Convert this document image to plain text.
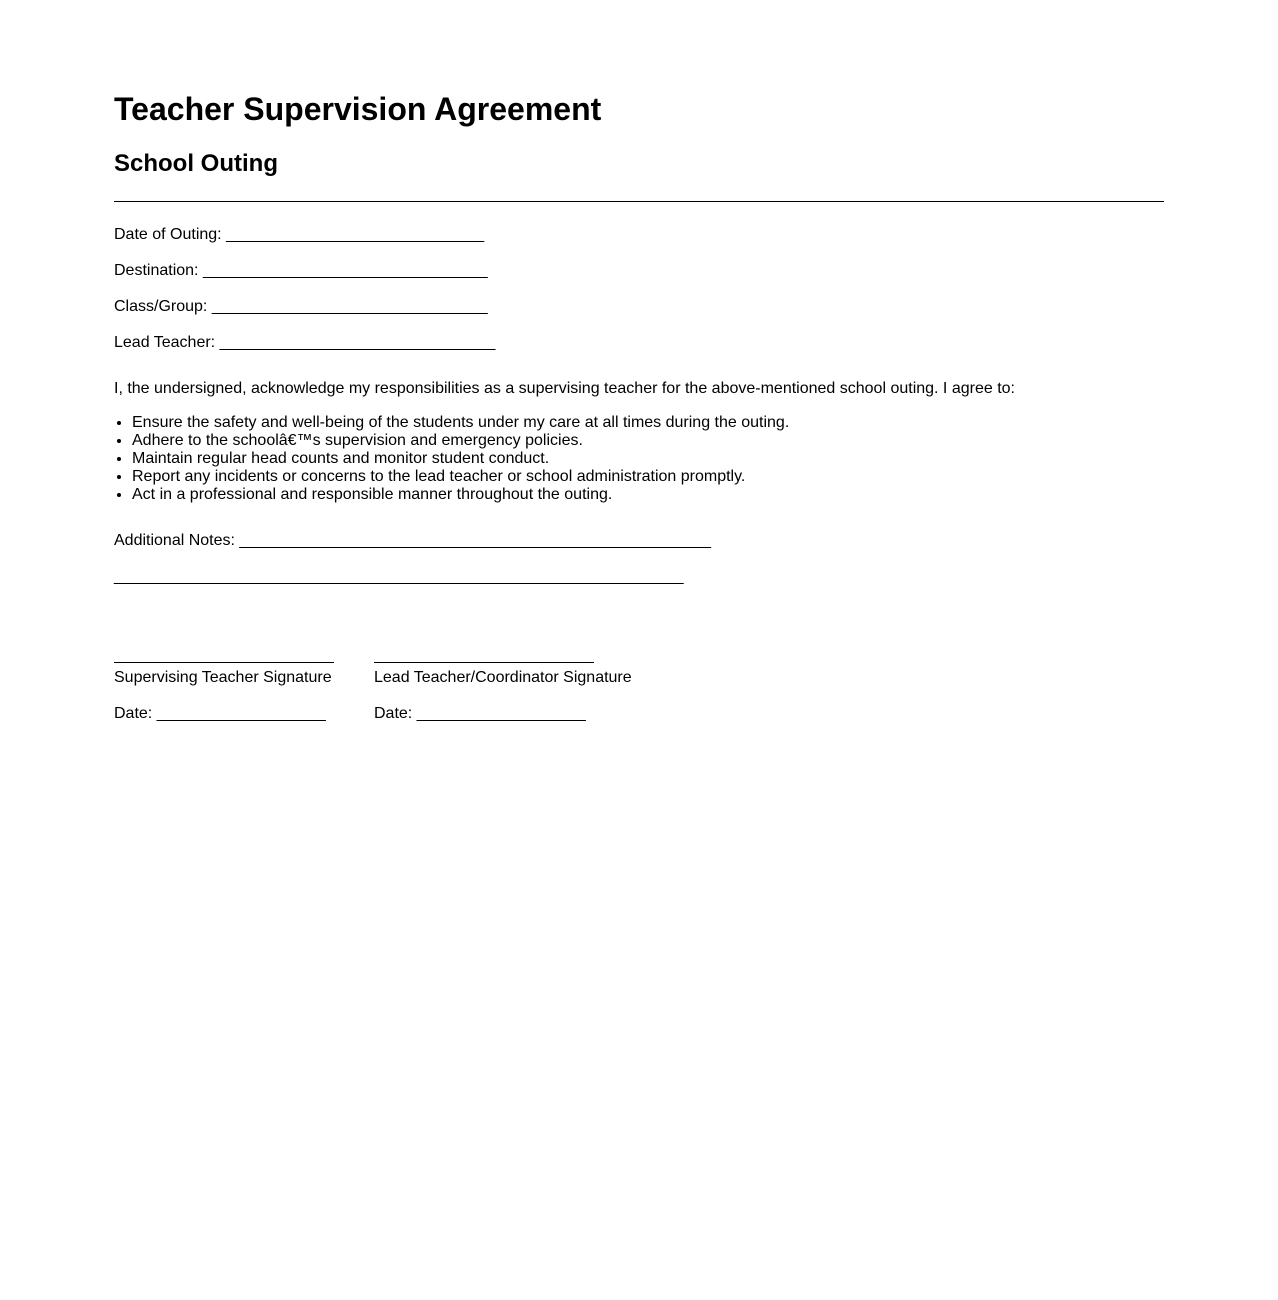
Teacher Supervision Agreement
School Outing
Date of Outing: _____________________________
Destination: ________________________________
Class/Group: _______________________________
Lead Teacher: _______________________________

I, the undersigned, acknowledge my responsibilities as a supervising teacher for the above-mentioned school outing. I agree to:

• Ensure the safety and well-being of the students under my care at all times during the outing.
• Adhere to the schoolâ€™s supervision and emergency policies.
• Maintain regular head counts and monitor student conduct.
• Report any incidents or concerns to the lead teacher or school administration promptly.
• Act in a professional and responsible manner throughout the outing.
Additional Notes: _____________________________________________________
________________________________________________________________
Supervising Teacher Signature
Date: ___________________
Lead Teacher/Coordinator Signature
Date: ___________________
